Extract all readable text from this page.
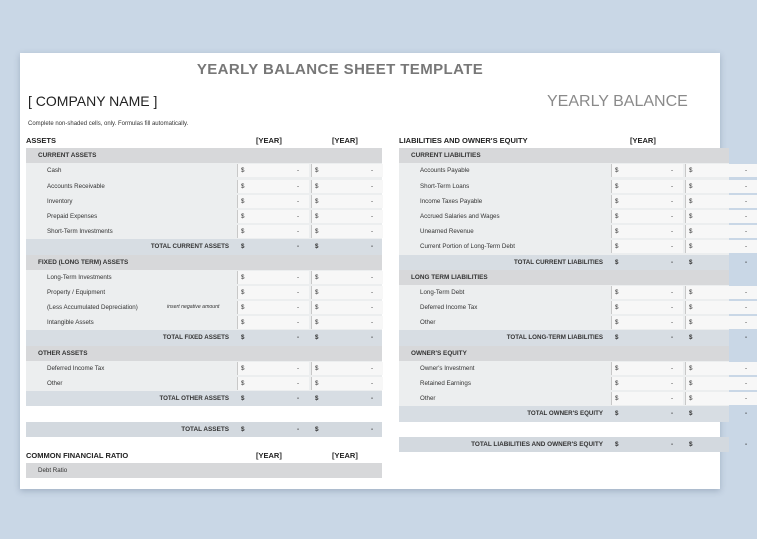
YEARLY BALANCE SHEET TEMPLATE
[ COMPANY NAME ]	YEARLY BALANCE
Complete non-shaded cells, only. Formulas fill automatically.
ASSETS	[YEAR]	[YEAR]
CURRENT ASSETS
Cash	$	-	$	-
Accounts Receivable	$	-	$	-
Inventory	$	-	$	-
Prepaid Expenses	$	-	$	-
Short-Term Investments	$	-	$	-
TOTAL CURRENT ASSETS $	-	$	-
FIXED (LONG TERM) ASSETS
Long-Term Investments	$	-	$	-
Property / Equipment	$	-	$	-
(Less Accumulated Depreciation)	insert negative amount	$	-	$	-
Intangible Assets	$	-	$	-
TOTAL FIXED ASSETS $	-	$	-
OTHER ASSETS
Deferred Income Tax	$	-	$	-
Other	$	-	$	-
TOTAL OTHER ASSETS $	-	$	-
TOTAL ASSETS $	- $	-
COMMON FINANCIAL RATIO	[YEAR]	[YEAR]
Debt Ratio
LIABILITIES AND OWNER'S EQUITY	[YEAR]
CURRENT LIABILITIES
Accounts Payable	$	-	$	-
Short-Term Loans	$	-	$	-
Income Taxes Payable	$	-	$	-
Accrued Salaries and Wages	$	-	$	-
Unearned Revenue	$	-	$	-
Current Portion of Long-Term Debt	$	-	$	-
TOTAL CURRENT LIABILITIES $	-	$	-
LONG TERM LIABILITIES
Long-Term Debt	$	-	$	-
Deferred Income Tax	$	-	$	-
Other	$	-	$	-
TOTAL LONG-TERM LIABILITIES $	-	$	-
OWNER'S EQUITY
Owner's Investment	$	-	$	-
Retained Earnings	$	-	$	-
Other	$	-	$	-
TOTAL OWNER'S EQUITY $	-	$	-
TOTAL LIABILITIES AND OWNER'S EQUITY $	- $	-
